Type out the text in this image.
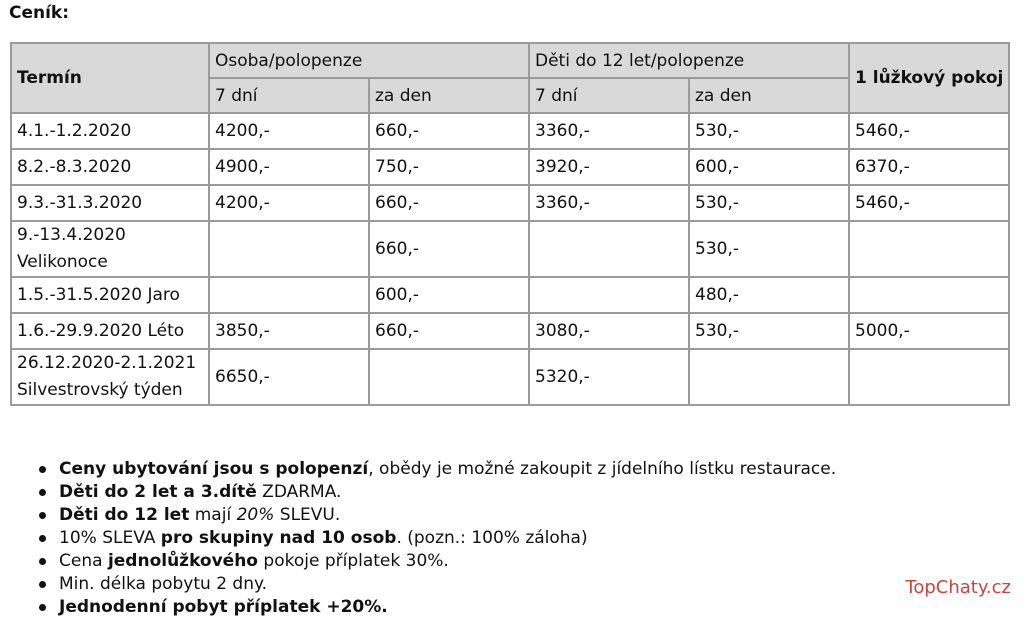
Ceník:
Termín	Osoba/polopenze		Děti do 12 let/polopenze		1 lůžkový pokoj
	7 dní	za den	7 dní	za den	

4.1.-1.2.2020	4200,-	660,-	3360,-	530,-	5460,-

8.2.-8.3.2020	4900,-	750,-	3920,-	600,-	6370,-

9.3.-31.3.2020	4200,-	660,-	3360,-	530,-	5460,-

9.-13.4.2020
Velikonoce		660,-		530,-	

1.5.-31.5.2020 Jaro		600,-		480,-	

1.6.-29.9.2020 Léto	3850,-	660,-	3080,-	530,-	5000,-

26.12.2020-2.1.2021
Silvestrovský týden	6650,-		5320,-		
Ceny ubytování jsou s polopenzí, obědy je možné zakoupit z jídelního lístku restaurace.
Děti do 2 let a 3.dítě ZDARMA.
Děti do 12 let mají 20% SLEVU.
10% SLEVA pro skupiny nad 10 osob. (pozn.: 100% záloha)
Cena jednolůžkového pokoje příplatek 30%.
Min. délka pobytu 2 dny.
Jednodenní pobyt příplatek +20%.
TopChaty.cz
